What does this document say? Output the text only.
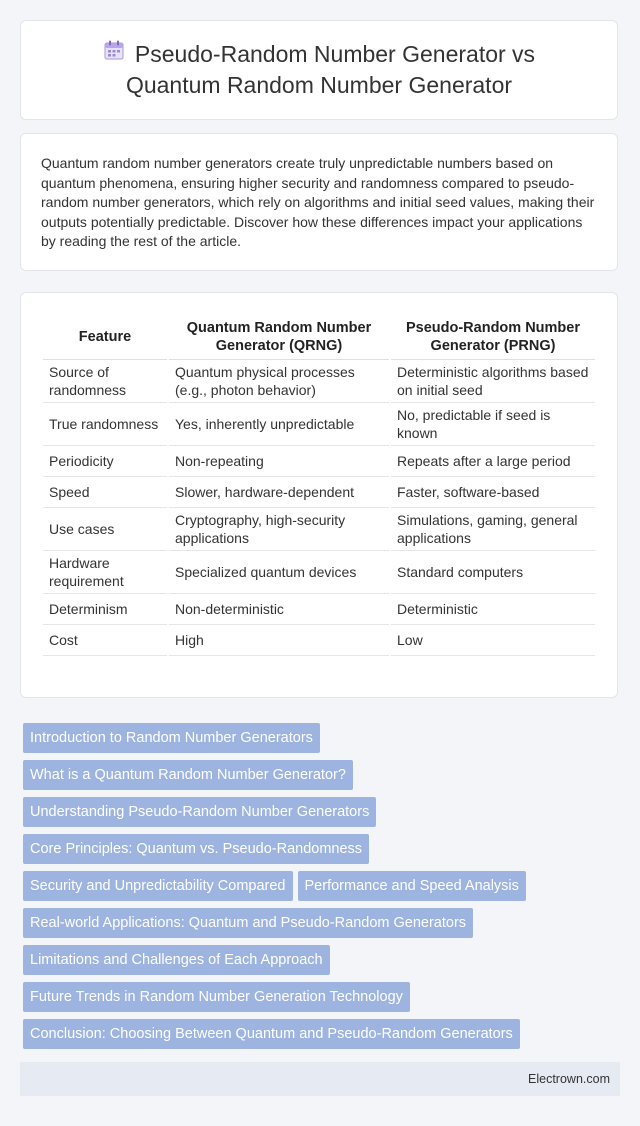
Pseudo-Random Number Generator vs
Quantum Random Number Generator

Quantum random number generators create truly unpredictable numbers based on quantum phenomena, ensuring higher security and randomness compared to pseudo-random number generators, which rely on algorithms and initial seed values, making their outputs potentially predictable. Discover how these differences impact your applications by reading the rest of the article.

Feature	Quantum Random Number Generator (QRNG)	Pseudo-Random Number Generator (PRNG)
Source of randomness	Quantum physical processes (e.g., photon behavior)	Deterministic algorithms based on initial seed
True randomness	Yes, inherently unpredictable	No, predictable if seed is known
Periodicity	Non-repeating	Repeats after a large period
Speed	Slower, hardware-dependent	Faster, software-based
Use cases	Cryptography, high-security applications	Simulations, gaming, general applications
Hardware requirement	Specialized quantum devices	Standard computers
Determinism	Non-deterministic	Deterministic
Cost	High	Low
Introduction to Random Number Generators
What is a Quantum Random Number Generator?
Understanding Pseudo-Random Number Generators
Core Principles: Quantum vs. Pseudo-Randomness
Security and Unpredictability Compared Performance and Speed Analysis
Real-world Applications: Quantum and Pseudo-Random Generators
Limitations and Challenges of Each Approach
Future Trends in Random Number Generation Technology
Conclusion: Choosing Between Quantum and Pseudo-Random Generators
Electrown.com
